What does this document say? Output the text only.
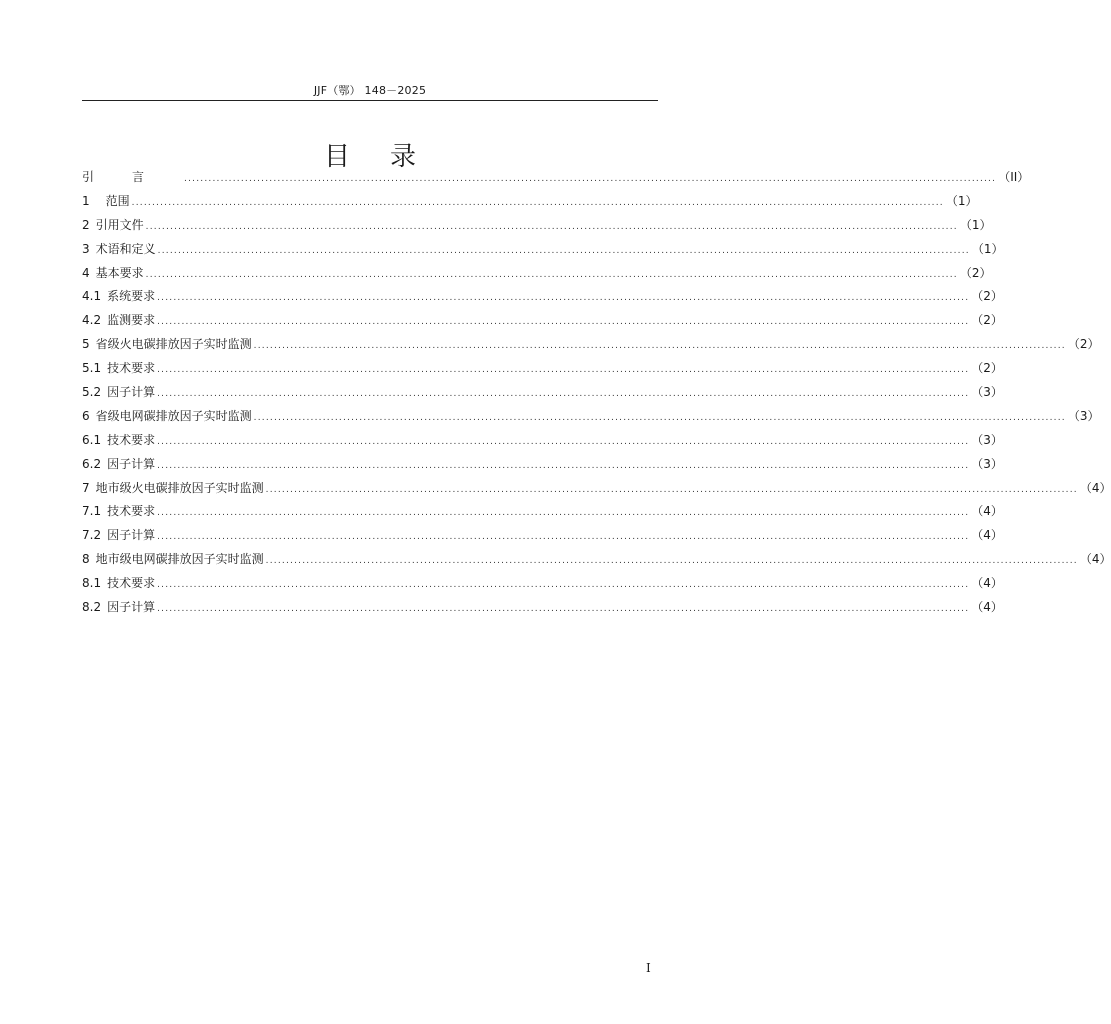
JJF（鄂） 148－2025
目录
引言 ........................................................................................................................................................................................................ （II）
1 范围 ........................................................................................................................................................................................................ （1）
2 引用文件 ........................................................................................................................................................................................................ （1）
3 术语和定义 ........................................................................................................................................................................................................ （1）
4 基本要求 ........................................................................................................................................................................................................ （2）
4.1 系统要求 ........................................................................................................................................................................................................ （2）
4.2 监测要求 ........................................................................................................................................................................................................ （2）
5 省级火电碳排放因子实时监测 ........................................................................................................................................................................................................ （2）
5.1 技术要求 ........................................................................................................................................................................................................ （2）
5.2 因子计算 ........................................................................................................................................................................................................ （3）
6 省级电网碳排放因子实时监测 ........................................................................................................................................................................................................ （3）
6.1 技术要求 ........................................................................................................................................................................................................ （3）
6.2 因子计算 ........................................................................................................................................................................................................ （3）
7 地市级火电碳排放因子实时监测 ........................................................................................................................................................................................................ （4）
7.1 技术要求 ........................................................................................................................................................................................................ （4）
7.2 因子计算 ........................................................................................................................................................................................................ （4）
8 地市级电网碳排放因子实时监测 ........................................................................................................................................................................................................ （4）
8.1 技术要求 ........................................................................................................................................................................................................ （4）
8.2 因子计算 ........................................................................................................................................................................................................ （4）
I
